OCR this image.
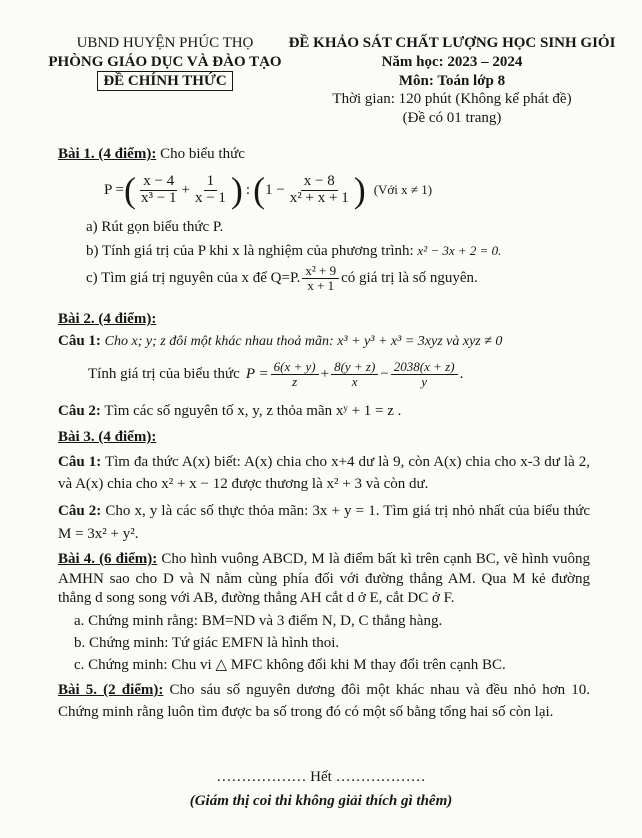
UBND HUYỆN PHÚC THỌ
PHÒNG GIÁO DỤC VÀ ĐÀO TẠO
ĐỀ CHÍNH THỨC
ĐỀ KHẢO SÁT CHẤT LƯỢNG HỌC SINH GIỎI
Năm học: 2023 – 2024
Môn: Toán lớp 8
Thời gian: 120 phút (Không kể phát đề)
(Đề có 01 trang)
Bài 1. (4 điểm): Cho biểu thức
P = ( $\frac{x - 4}{\text{x³ − 1}} + \frac{1}{x - 1}$ ) : ( $1 - \frac{x - 8}{\text{x² + x + 1}}$ ) (Với x ≠ 1)
a) Rút gọn biểu thức P.
b) Tính giá trị của P khi x là nghiệm của phương trình: x² − 3x + 2 = 0.
c) Tìm giá trị nguyên của x để Q=P. $\frac{\text{x² + 9}}{x + 1}$ có giá trị là số nguyên.
Bài 2. (4 điểm):
Câu 1: Cho x; y; z đôi một khác nhau thoả mãn: x³ + y³ + x³ = 3xyz và xyz ≠ 0
Tính giá trị của biểu thức $P = \frac{6(x + y)}{z} + \frac{8(y + z)}{x} - \frac{2038(x + z)}{y}$ .
Câu 2: Tìm các số nguyên tố x, y, z thỏa mãn xʸ + 1 = z .
Bài 3. (4 điểm):
Câu 1: Tìm đa thức A(x) biết: A(x) chia cho x+4 dư là 9, còn A(x) chia cho x-3 dư là 2, và A(x) chia cho x² + x − 12 được thương là x² + 3 và còn dư.
Câu 2: Cho x, y là các số thực thỏa mãn: 3x + y = 1. Tìm giá trị nhỏ nhất của biểu thức M = 3x² + y².
Bài 4. (6 điểm): Cho hình vuông ABCD, M là điểm bất kì trên cạnh BC, vẽ hình vuông AMHN sao cho D và N nằm cùng phía đối với đường thẳng AM. Qua M kẻ đường thẳng d song song với AB, đường thẳng AH cắt d ở E, cắt DC ở F.
a. Chứng minh rằng: BM=ND và 3 điểm N, D, C thẳng hàng.
b. Chứng minh: Tứ giác EMFN là hình thoi.
c. Chứng minh: Chu vi △ MFC không đổi khi M thay đổi trên cạnh BC.
Bài 5. (2 điểm): Cho sáu số nguyên dương đôi một khác nhau và đều nhỏ hơn 10. Chứng minh rằng luôn tìm được ba số trong đó có một số bằng tổng hai số còn lại.
……………… Hết ………………
(Giám thị coi thi không giải thích gì thêm)
